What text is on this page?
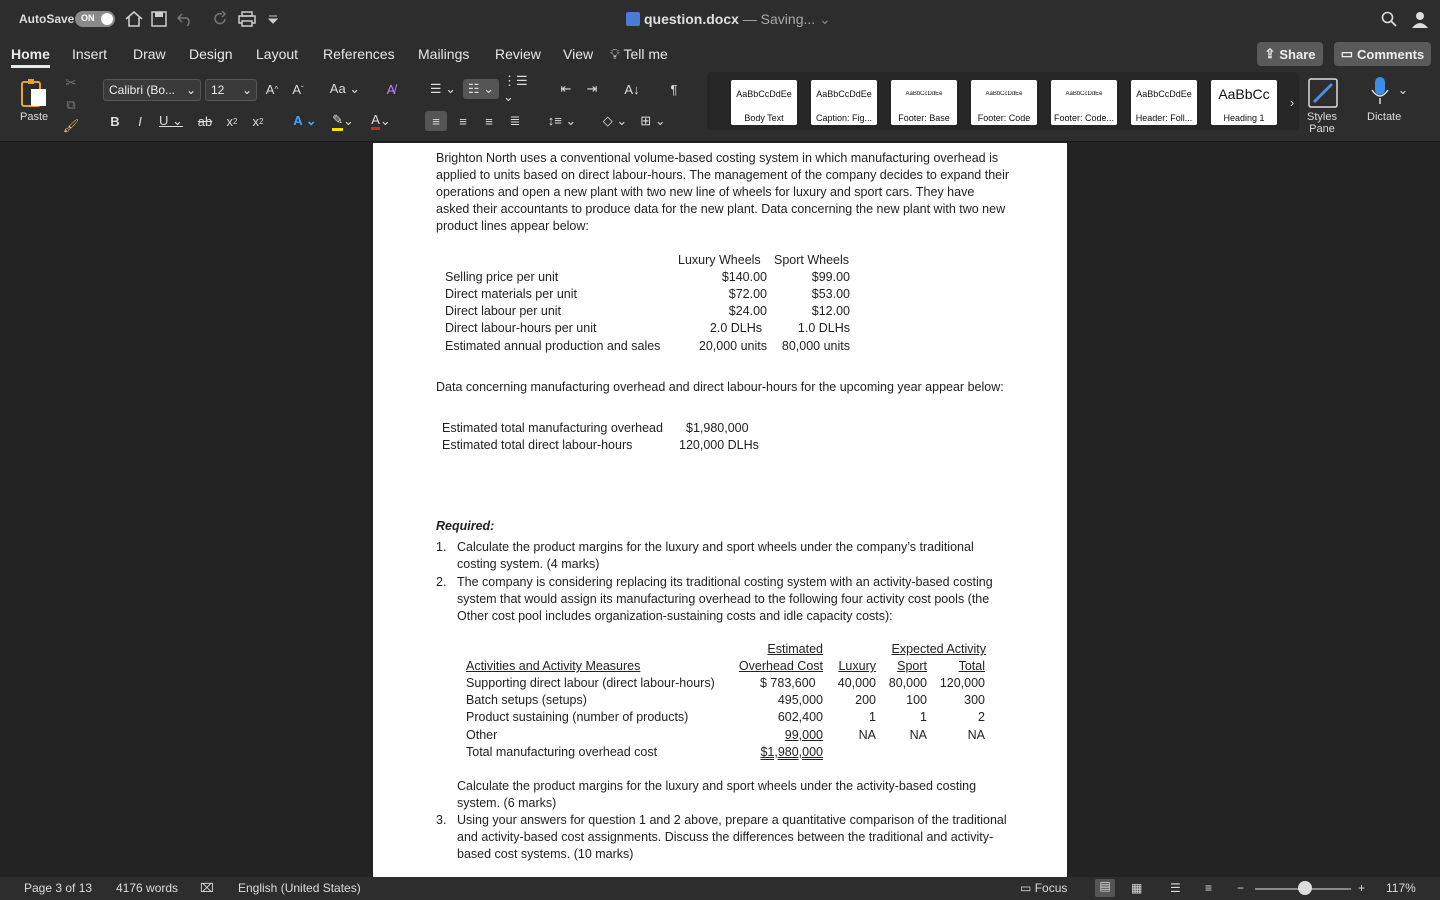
AutoSave ON	question.docx — Saving... ⌄
Home Insert Draw Design Layout References Mailings Review View 💡︎ Tell me	⇪ Share ▭ Comments
Paste
✂
⧉
🖌︎
Calibri (Bo... ⌄	12 ⌄ A ^	A ˇ Aa ⌄	A̸
B	I	U ⌄ ab	x 2	x 2	A ⌄	✎ ⌄	A ⌄
☰ ⌄ ☷ ⌄
⋮☰ ⌄
⇤	⇥	A↓	¶
≡	≡	≡	≣	↕≡ ⌄	◇ ⌄	⊞ ⌄
AaBbCcDdEe
Body Text
AaBbCcDdEe
Caption: Fig...
AaBbCcDdEe
Footer: Base
AaBbCcDdEe
Footer: Code
AaBbCcDdEe
Footer: Code...
AaBbCcDdEe
Header: Foll...
AaBbCc
Heading 1
›
Styles Pane
⌄
Dictate
Brighton North uses a conventional volume-based costing system in which manufacturing overhead is applied to units based on direct labour-hours. The management of the company decides to expand their operations and open a new plant with two new line of wheels for luxury and sport cars. They have asked their accountants to produce data for the new plant. Data concerning the new plant with two new product lines appear below:
Luxury Wheels Sport Wheels
Selling price per unit	$140.00	$99.00
Direct materials per unit	$72.00	$53.00
Direct labour per unit	$24.00	$12.00
Direct labour-hours per unit	2.0 DLHs	1.0 DLHs
Estimated annual production and sales	20,000 units	80,000 units
Data concerning manufacturing overhead and direct labour-hours for the upcoming year appear below:
Estimated total manufacturing overhead $1,980,000
Estimated total direct labour-hours	120,000 DLHs
Required:
1. Calculate the product margins for the luxury and sport wheels under the company’s traditional costing system. (4 marks)
2. The company is considering replacing its traditional costing system with an activity-based costing system that would assign its manufacturing overhead to the following four activity cost pools (the Other cost pool includes organization-sustaining costs and idle capacity costs):
Estimated	Expected Activity
Activities and Activity Measures	Overhead Cost	Luxury	Sport	Total
Supporting direct labour (direct labour-hours)	$ 783,600	40,000	80,000	120,000
Batch setups (setups)	495,000	200	100	300
Product sustaining (number of products)	602,400	1	1	2
Other	99,000	NA	NA	NA
Total manufacturing overhead cost	$1,980,000
Calculate the product margins for the luxury and sport wheels under the activity-based costing system. (6 marks)
3. Using your answers for question 1 and 2 above, prepare a quantitative comparison of the traditional and activity-based cost assignments. Discuss the differences between the traditional and activity-based cost systems. (10 marks)
Page 3 of 13 4176 words ⌧ English (United States)	▭ Focus	▤	▦ ☰ ≡ −	+ 117%
